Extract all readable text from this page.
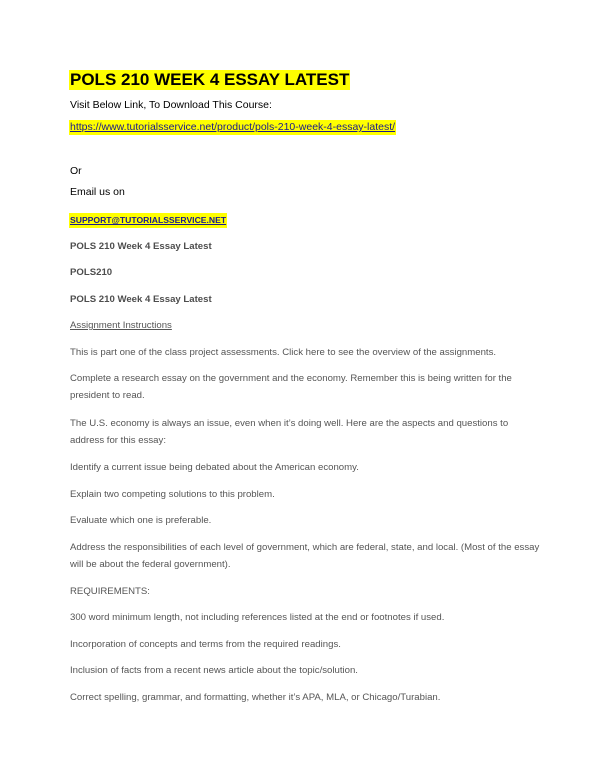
POLS 210 WEEK 4 ESSAY LATEST
Visit Below Link, To Download This Course:
https://www.tutorialsservice.net/product/pols-210-week-4-essay-latest/
Or
Email us on
SUPPORT@TUTORIALSSERVICE.NET
POLS 210 Week 4 Essay Latest
POLS210
POLS 210 Week 4 Essay Latest
Assignment Instructions

This is part one of the class project assessments. Click here to see the overview of the assignments.

Complete a research essay on the government and the economy. Remember this is being written for the president to read.

The U.S. economy is always an issue, even when it’s doing well. Here are the aspects and questions to address for this essay:

Identify a current issue being debated about the American economy.

Explain two competing solutions to this problem.

Evaluate which one is preferable.

Address the responsibilities of each level of government, which are federal, state, and local. (Most of the essay will be about the federal government).

REQUIREMENTS:

300 word minimum length, not including references listed at the end or footnotes if used.

Incorporation of concepts and terms from the required readings.

Inclusion of facts from a recent news article about the topic/solution.

Correct spelling, grammar, and formatting, whether it’s APA, MLA, or Chicago/Turabian.
